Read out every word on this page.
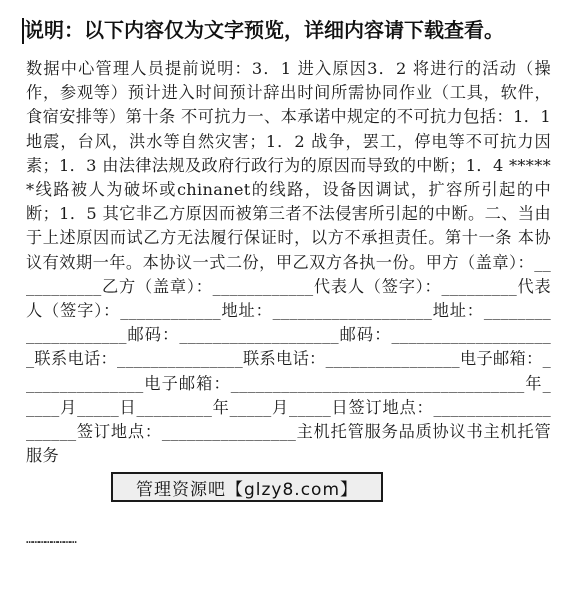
说明：以下内容仅为文字预览，详细内容请下载查看。
数据中心管理人员提前说明：3．1 进入原因3．2 将进行的活动（操作，参观等）预计进入时间预计辞出时间所需协同作业（工具，软件，食宿安排等）第十条 不可抗力一、本承诺中规定的不可抗力包括：1．1 地震，台风，洪水等自然灾害；1．2 战争，罢工，停电等不可抗力因素；1．3 由法律法规及政府行政行为的原因而导致的中断；1．4 ******线路被人为破坏或chinanet的线路，设备因调试，扩容所引起的中断；1．5 其它非乙方原因而被第三者不法侵害所引起的中断。二、当由于上述原因而试乙方无法履行保证时，以方不承担责任。第十一条 本协议有效期一年。本协议一式二份，甲乙双方各执一份。甲方（盖章）：___________乙方（盖章）：____________代表人（签字）：_________代表人（签字）：____________地址：___________________地址：____________________邮码：___________________邮码：____________________联系电话：_______________联系电话：________________电子邮箱：_______________电子邮箱：___________________________________年_____月_____日_________年_____月_____日签订地点：____________________签订地点：________________主机托管服务品质协议书主机托管服务
……………………
管理资源吧【glzy8.com】
